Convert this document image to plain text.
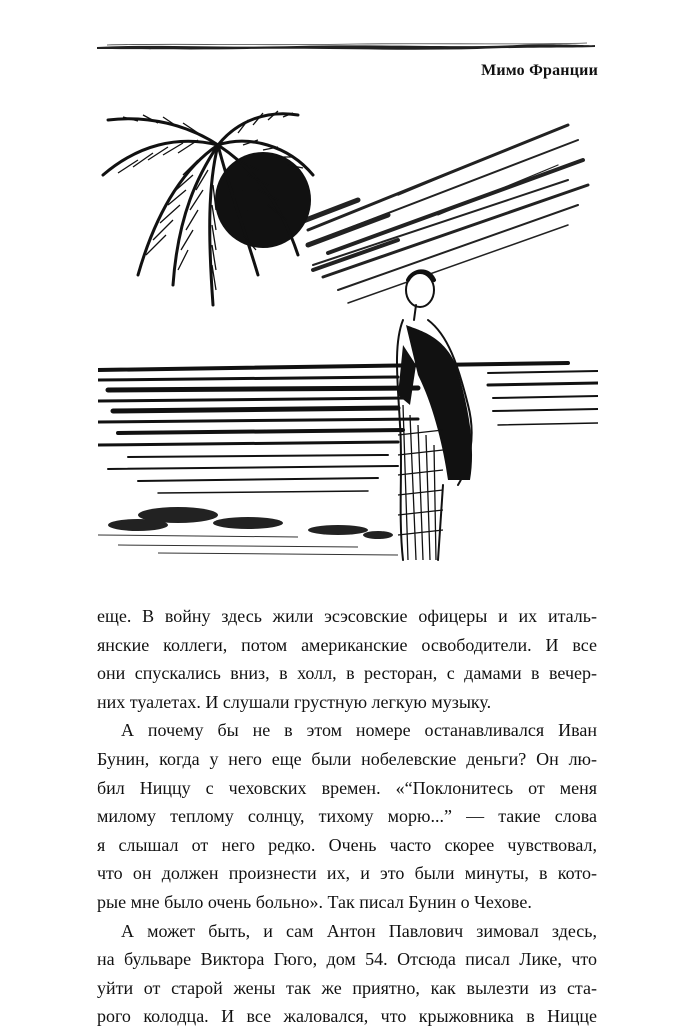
Мимо Франции
еще. В войну здесь жили эсэсовские офицеры и их италь-
янские коллеги, потом американские освободители. И все
они спускались вниз, в холл, в ресторан, с дамами в вечер-
них туалетах. И слушали грустную легкую музыку.
А почему бы не в этом номере останавливался Иван
Бунин, когда у него еще были нобелевские деньги? Он лю-
бил Ниццу с чеховских времен. «“Поклонитесь от меня
милому теплому солнцу, тихому морю...” — такие слова
я слышал от него редко. Очень часто скорее чувствовал,
что он должен произнести их, и это были минуты, в кото-
рые мне было очень больно». Так писал Бунин о Чехове.
А может быть, и сам Антон Павлович зимовал здесь,
на бульваре Виктора Гюго, дом 54. Отсюда писал Лике, что
уйти от старой жены так же приятно, как вылезти из ста-
рого колодца. И все жаловался, что крыжовника в Ницце
